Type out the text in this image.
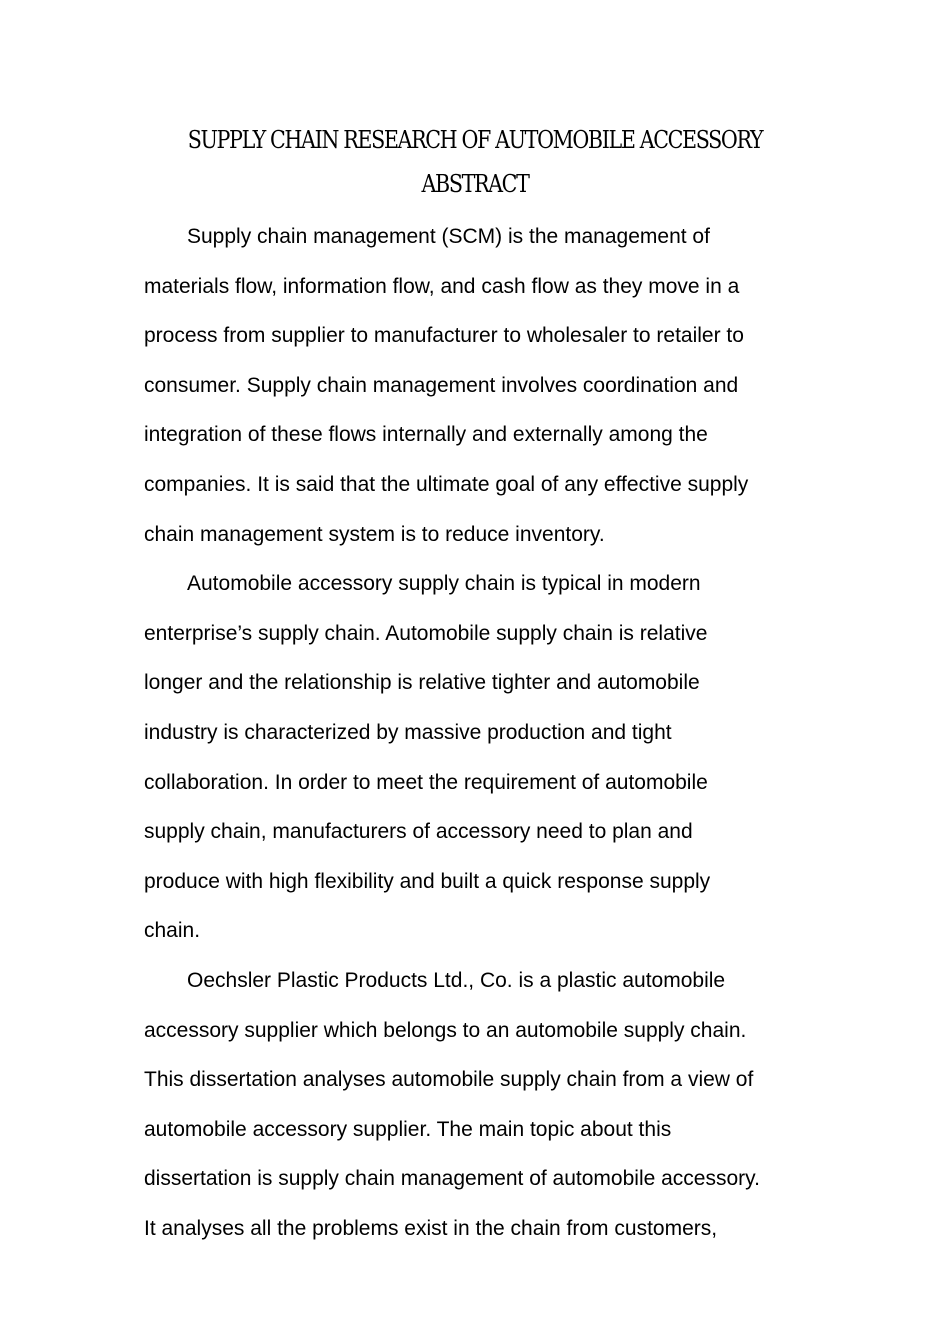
SUPPLY CHAIN RESEARCH OF AUTOMOBILE ACCESSORY
ABSTRACT
Supply chain management (SCM) is the management of
materials flow, information flow, and cash flow as they move in a
process from supplier to manufacturer to wholesaler to retailer to
consumer. Supply chain management involves coordination and
integration of these flows internally and externally among the
companies. It is said that the ultimate goal of any effective supply
chain management system is to reduce inventory.
Automobile accessory supply chain is typical in modern
enterprise’s supply chain. Automobile supply chain is relative
longer and the relationship is relative tighter and automobile
industry is characterized by massive production and tight
collaboration. In order to meet the requirement of automobile
supply chain, manufacturers of accessory need to plan and
produce with high flexibility and built a quick response supply
chain.
Oechsler Plastic Products Ltd., Co. is a plastic automobile
accessory supplier which belongs to an automobile supply chain.
This dissertation analyses automobile supply chain from a view of
automobile accessory supplier. The main topic about this
dissertation is supply chain management of automobile accessory.
It analyses all the problems exist in the chain from customers,
